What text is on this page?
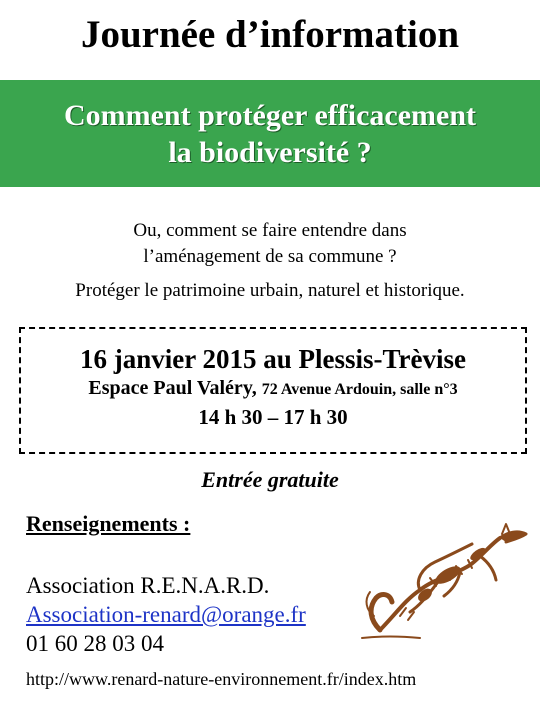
Journée d’information
Comment protéger efficacement
la biodiversité ?
Ou, comment se faire entendre dans
l’aménagement de sa commune ?
Protéger le patrimoine urbain, naturel et historique.
16 janvier 2015 au Plessis-Trèvise
Espace Paul Valéry, 72 Avenue Ardouin, salle n°3
14 h 30 – 17 h 30
Entrée gratuite
Renseignements :
Association R.E.N.A.R.D.
Association-renard@orange.fr
01 60 28 03 04
http://www.renard-nature-environnement.fr/index.htm
